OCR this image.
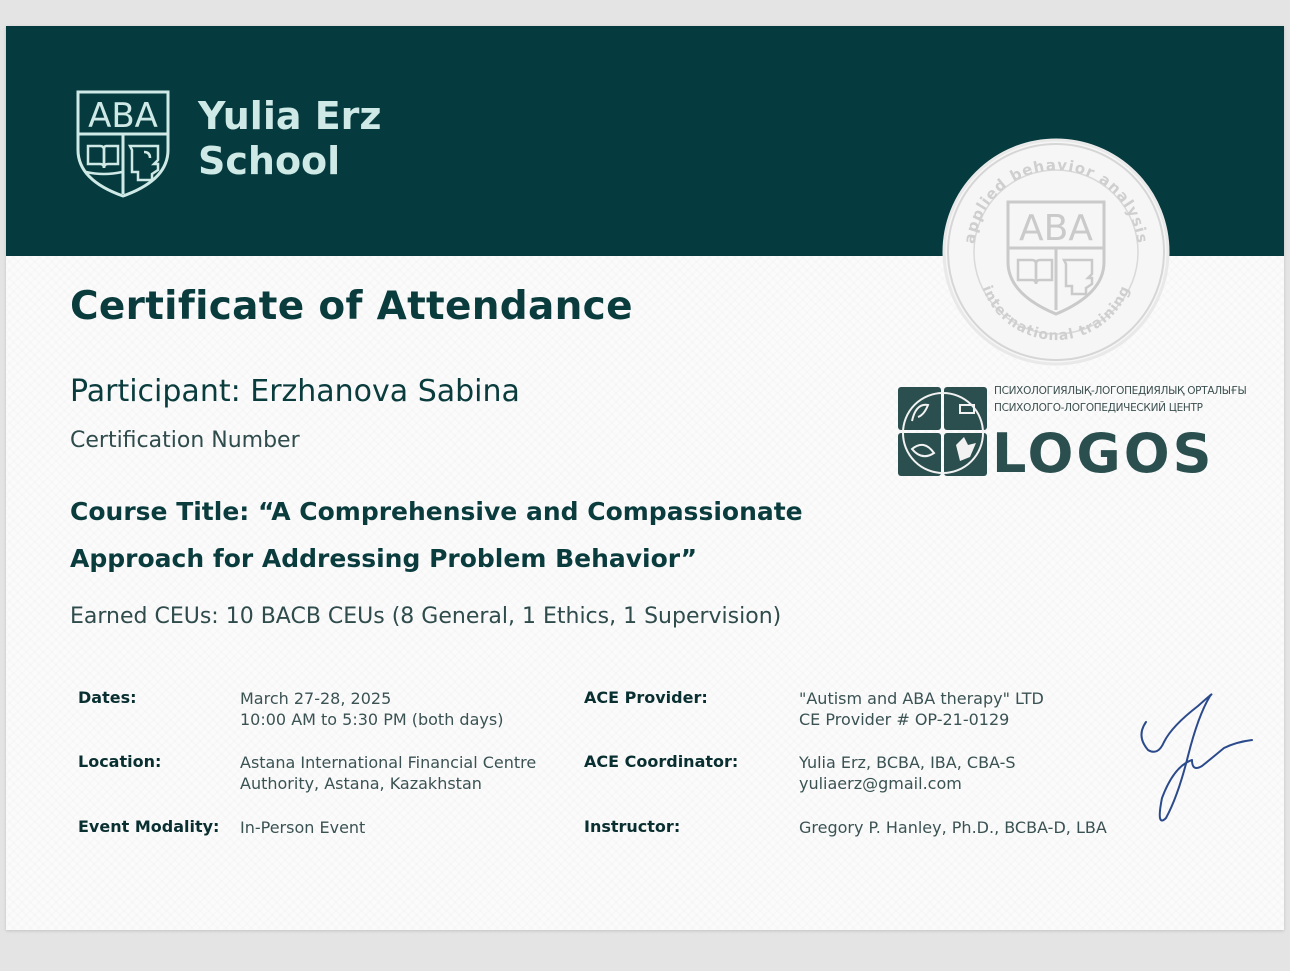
ABA Yulia Erz
School
applied behavior analysis
international training
ABA
Certificate of Attendance
Participant: Erzhanova Sabina
Certification Number
Course Title: “A Comprehensive and Compassionate
Approach for Addressing Problem Behavior”
Earned CEUs: 10 BACB CEUs (8 General, 1 Ethics, 1 Supervision)
ПСИХОЛОГИЯЛЫҚ-ЛОГОПЕДИЯЛЫҚ ОРТАЛЫҒЫ
ПСИХОЛОГО-ЛОГОПЕДИЧЕСКИЙ ЦЕНТР
LOGOS
Dates:	March 27-28, 2025
10:00 AM to 5:30 PM (both days)
Location:	Astana International Financial Centre
Authority, Astana, Kazakhstan
Event Modality: In-Person Event
ACE Provider:	"Autism and ABA therapy" LTD
CE Provider # OP-21-0129
ACE Coordinator:	Yulia Erz, BCBA, IBA, CBA-S
yuliaerz@gmail.com
Instructor:	Gregory P. Hanley, Ph.D., BCBA-D, LBA
